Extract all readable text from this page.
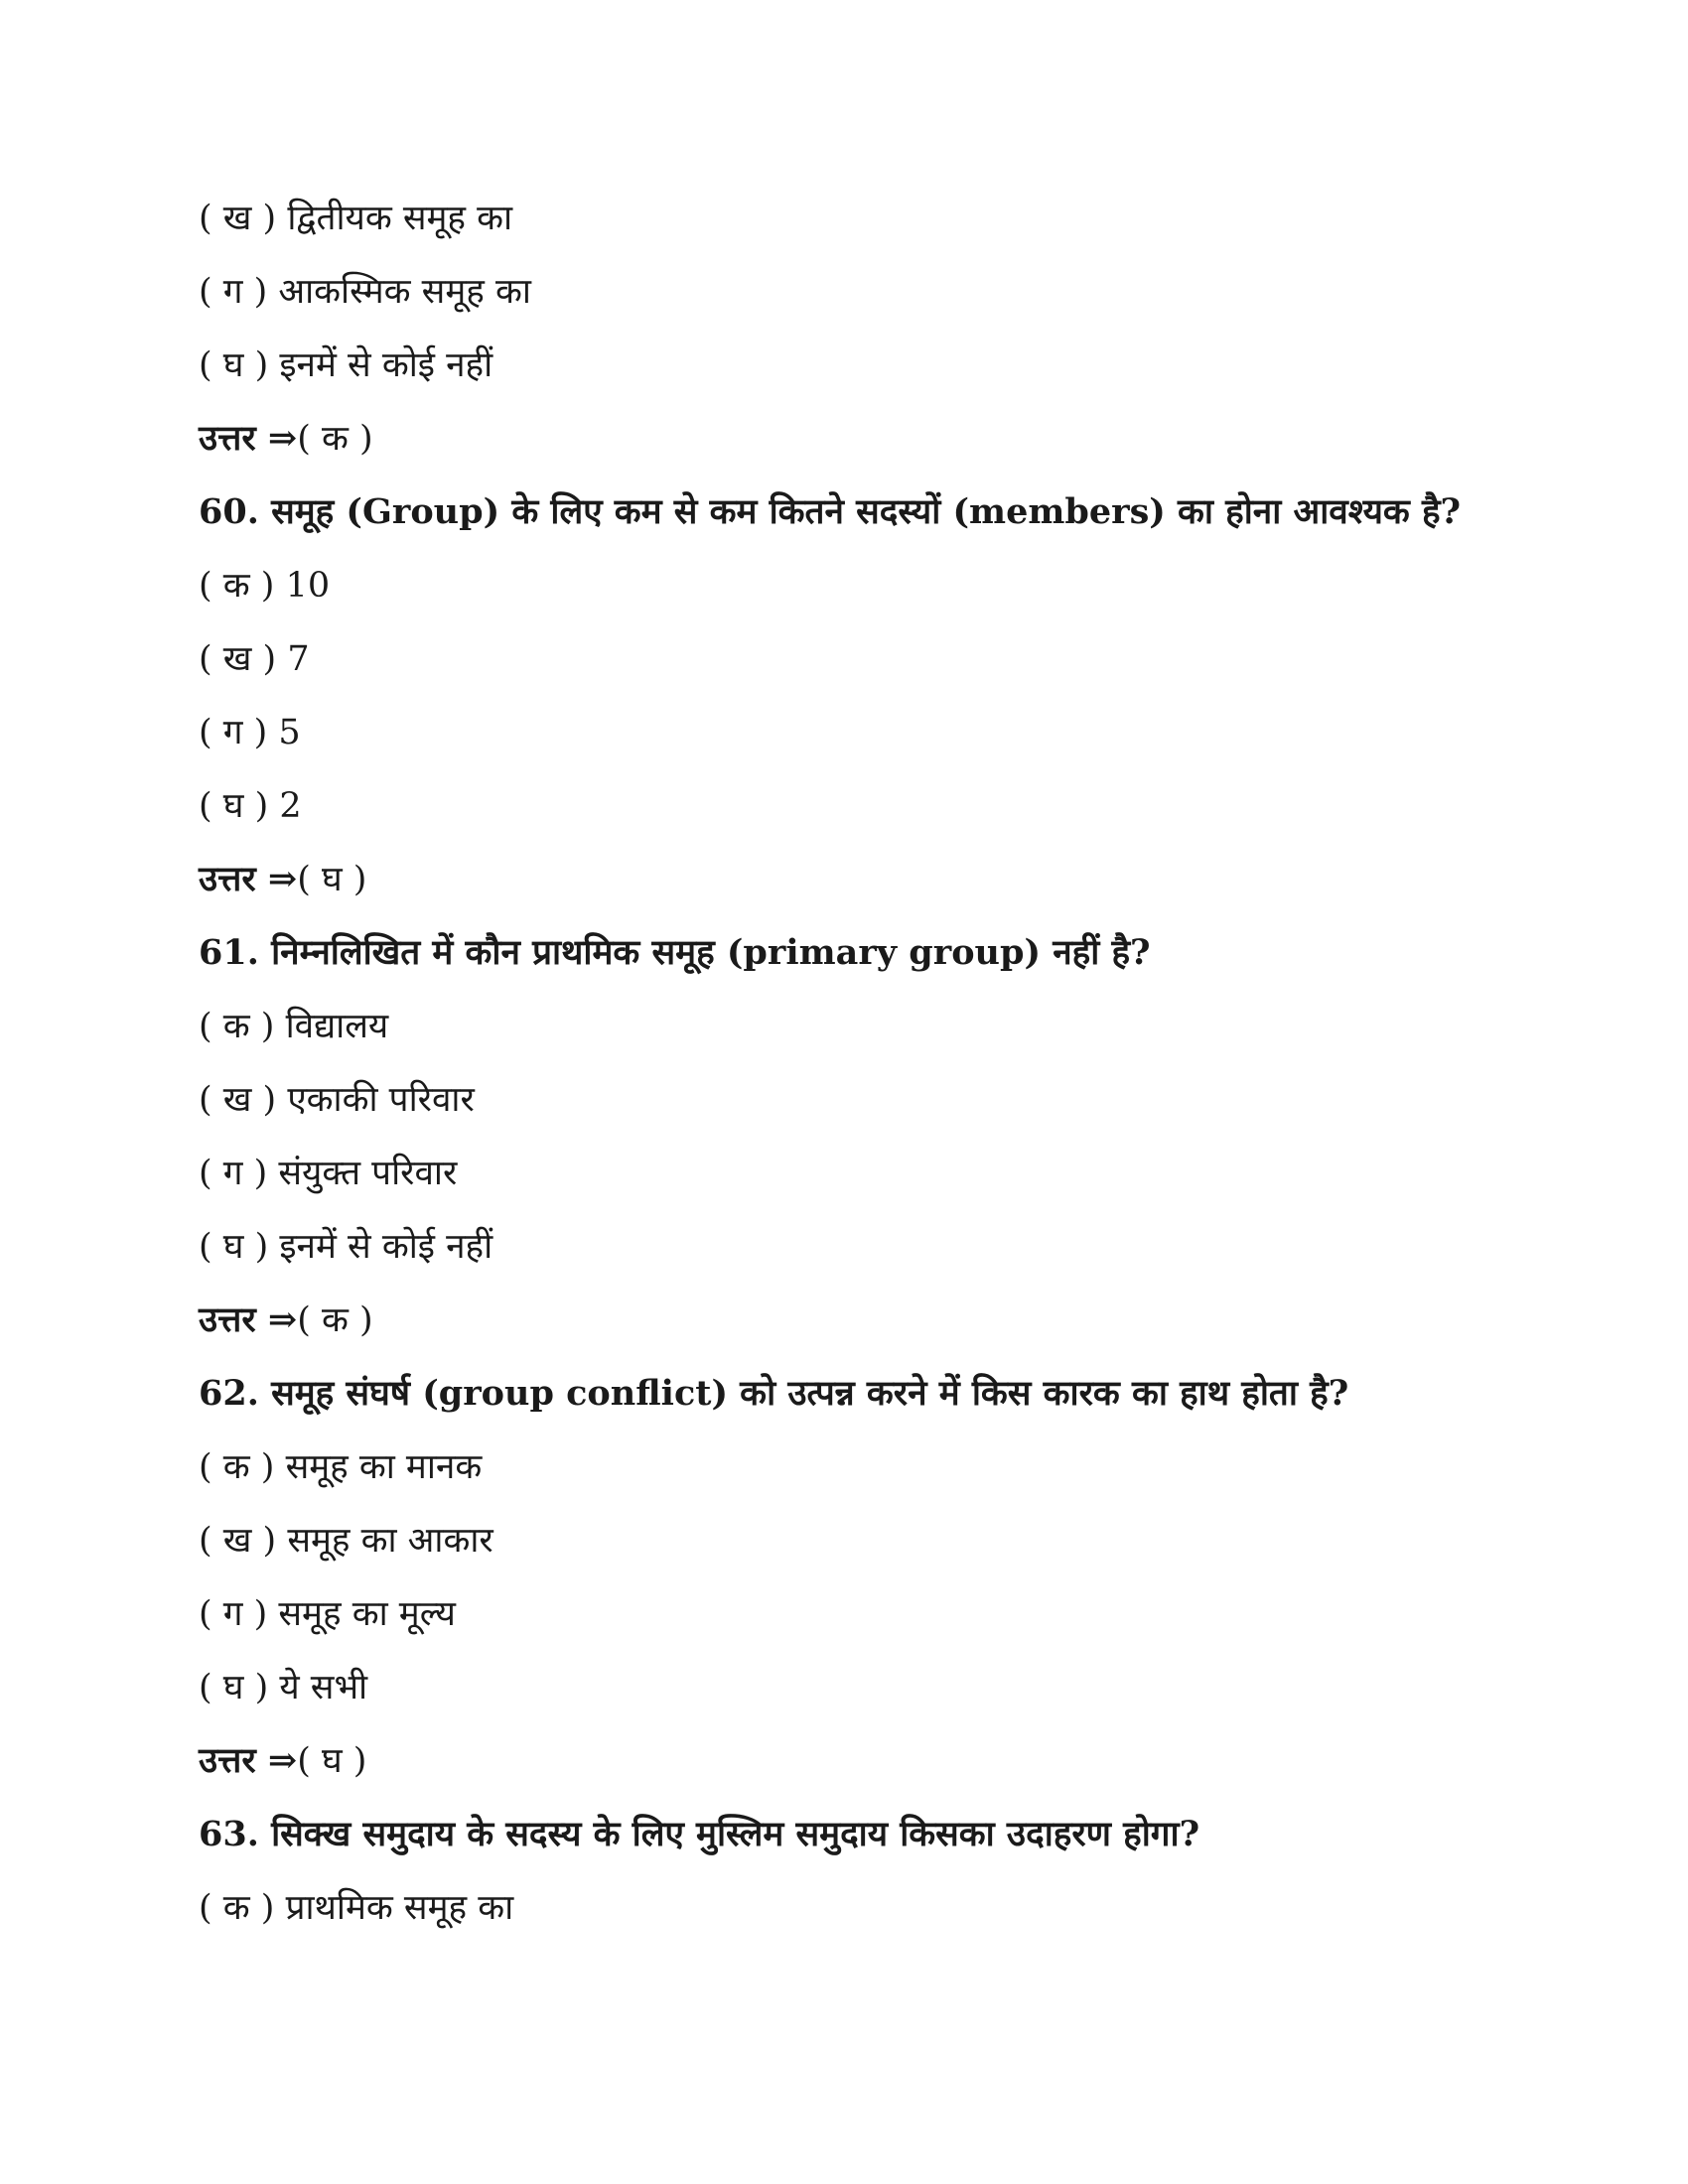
( ख ) द्वितीयक समूह का
( ग ) आकस्मिक समूह का
( घ ) इनमें से कोई नहीं
उत्तर ⇒( क )
60. समूह (Group) के लिए कम से कम कितने सदस्यों (members) का होना आवश्यक है?
( क ) 10
( ख ) 7
( ग ) 5
( घ ) 2
उत्तर ⇒( घ )
61. निम्नलिखित में कौन प्राथमिक समूह (primary group) नहीं है?
( क ) विद्यालय
( ख ) एकाकी परिवार
( ग ) संयुक्त परिवार
( घ ) इनमें से कोई नहीं
उत्तर ⇒( क )
62. समूह संघर्ष (group conflict) को उत्पन्न करने में किस कारक का हाथ होता है?
( क ) समूह का मानक
( ख ) समूह का आकार
( ग ) समूह का मूल्य
( घ ) ये सभी
उत्तर ⇒( घ )
63. सिक्ख समुदाय के सदस्य के लिए मुस्लिम समुदाय किसका उदाहरण होगा?
( क ) प्राथमिक समूह का
